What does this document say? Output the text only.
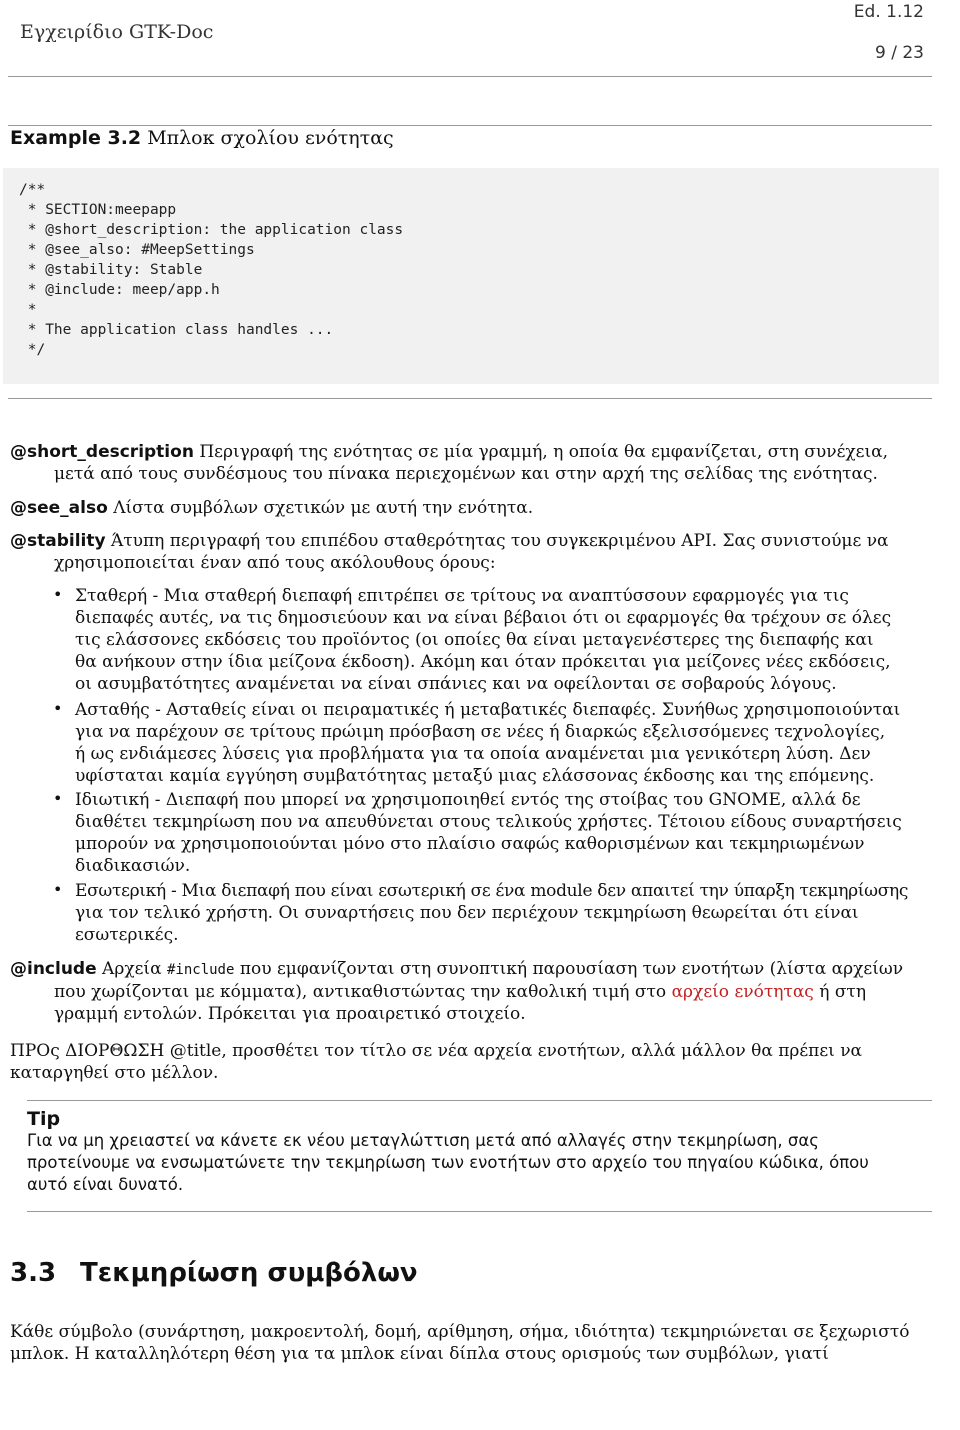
Εγχειρίδιο GTK-Doc
Ed. 1.12
9 / 23
Example 3.2 Μπλοκ σχολίου ενότητας
/**
* SECTION:meepapp
* @short_description: the application class
* @see_also: #MeepSettings
* @stability: Stable
* @include: meep/app.h
*
* The application class handles ...
*/
@short_description Περιγραφή της ενότητας σε μία γραμμή, η οποία θα εμφανίζεται, στη συνέχεια,
μετά από τους συνδέσμους του πίνακα περιεχομένων και στην αρχή της σελίδας της ενότητας.
@see_also Λίστα συμβόλων σχετικών με αυτή την ενότητα.
@stability Άτυπη περιγραφή του επιπέδου σταθερότητας του συγκεκριμένου API. Σας συνιστούμε να
χρησιμοποιείται έναν από τους ακόλουθους όρους:
• Σταθερή - Μια σταθερή διεπαφή επιτρέπει σε τρίτους να αναπτύσσουν εφαρμογές για τις
διεπαφές αυτές, να τις δημοσιεύουν και να είναι βέβαιοι ότι οι εφαρμογές θα τρέχουν σε όλες
τις ελάσσονες εκδόσεις του προϊόντος (οι οποίες θα είναι μεταγενέστερες της διεπαφής και
θα ανήκουν στην ίδια μείζονα έκδοση). Ακόμη και όταν πρόκειται για μείζονες νέες εκδόσεις,
οι ασυμβατότητες αναμένεται να είναι σπάνιες και να οφείλονται σε σοβαρούς λόγους.
• Ασταθής - Ασταθείς είναι οι πειραματικές ή μεταβατικές διεπαφές. Συνήθως χρησιμοποιούνται
για να παρέχουν σε τρίτους πρώιμη πρόσβαση σε νέες ή διαρκώς εξελισσόμενες τεχνολογίες,
ή ως ενδιάμεσες λύσεις για προβλήματα για τα οποία αναμένεται μια γενικότερη λύση. Δεν
υφίσταται καμία εγγύηση συμβατότητας μεταξύ μιας ελάσσονας έκδοσης και της επόμενης.
• Ιδιωτική - Διεπαφή που μπορεί να χρησιμοποιηθεί εντός της στοίβας του GNOME, αλλά δε
διαθέτει τεκμηρίωση που να απευθύνεται στους τελικούς χρήστες. Τέτοιου είδους συναρτήσεις
μπορούν να χρησιμοποιούνται μόνο στο πλαίσιο σαφώς καθορισμένων και τεκμηριωμένων
διαδικασιών.
• Εσωτερική - Μια διεπαφή που είναι εσωτερική σε ένα module δεν απαιτεί την ύπαρξη τεκμηρίωσης
για τον τελικό χρήστη. Οι συναρτήσεις που δεν περιέχουν τεκμηρίωση θεωρείται ότι είναι
εσωτερικές.
@include Αρχεία #include που εμφανίζονται στη συνοπτική παρουσίαση των ενοτήτων (λίστα αρχείων
που χωρίζονται με κόμματα), αντικαθιστώντας την καθολική τιμή στο αρχείο ενότητας ή στη
γραμμή εντολών. Πρόκειται για προαιρετικό στοιχείο.
ΠΡΟς ΔΙΟΡΘΩΣΗ @title, προσθέτει τον τίτλο σε νέα αρχεία ενοτήτων, αλλά μάλλον θα πρέπει να
καταργηθεί στο μέλλον.
Tip
Για να μη χρειαστεί να κάνετε εκ νέου μεταγλώττιση μετά από αλλαγές στην τεκμηρίωση, σας
προτείνουμε να ενσωματώνετε την τεκμηρίωση των ενοτήτων στο αρχείο του πηγαίου κώδικα, όπου
αυτό είναι δυνατό.
3.3 Τεκμηρίωση συμβόλων
Κάθε σύμβολο (συνάρτηση, μακροεντολή, δομή, αρίθμηση, σήμα, ιδιότητα) τεκμηριώνεται σε ξεχωριστό
μπλοκ. Η καταλληλότερη θέση για τα μπλοκ είναι δίπλα στους ορισμούς των συμβόλων, γιατί
